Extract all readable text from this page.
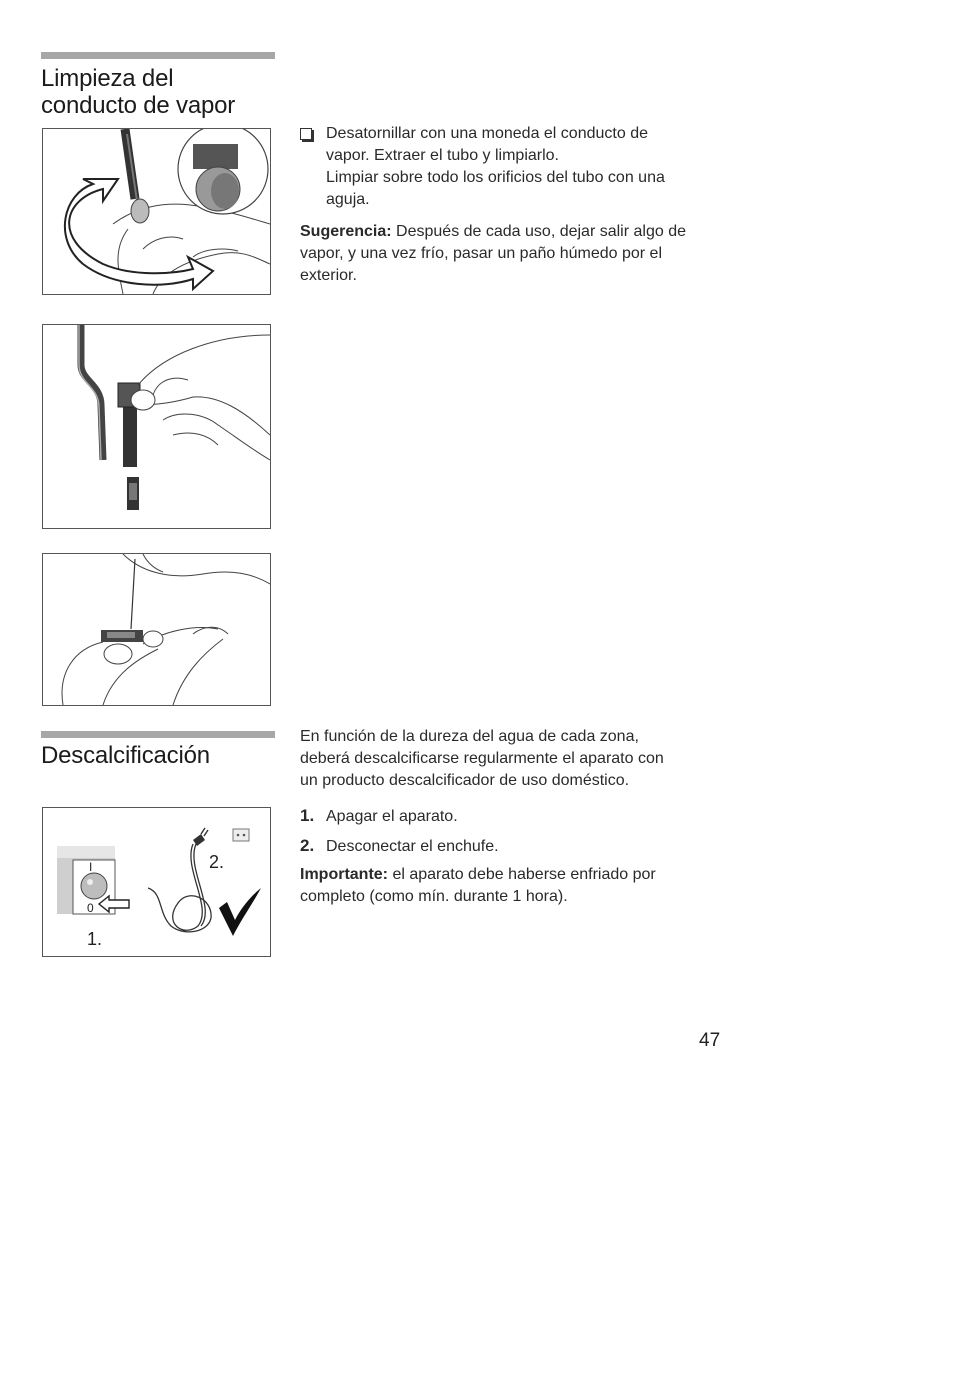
Limpieza del
conducto de vapor
Desatornillar con una moneda el conducto de
vapor. Extraer el tubo y limpiarlo.
Limpiar sobre todo los orificios del tubo con una
aguja.
Sugerencia: Después de cada uso, dejar salir algo de
vapor, y una vez frío, pasar un paño húmedo por el
exterior.
Descalcificación
I
0
1.
2.
En función de la dureza del agua de cada zona,
deberá descalcificarse regularmente el aparato con
un producto descalcificador de uso doméstico.
1. Apagar el aparato.
2. Desconectar el enchufe.
Importante: el aparato debe haberse enfriado por
completo (como mín. durante 1 hora).
47
